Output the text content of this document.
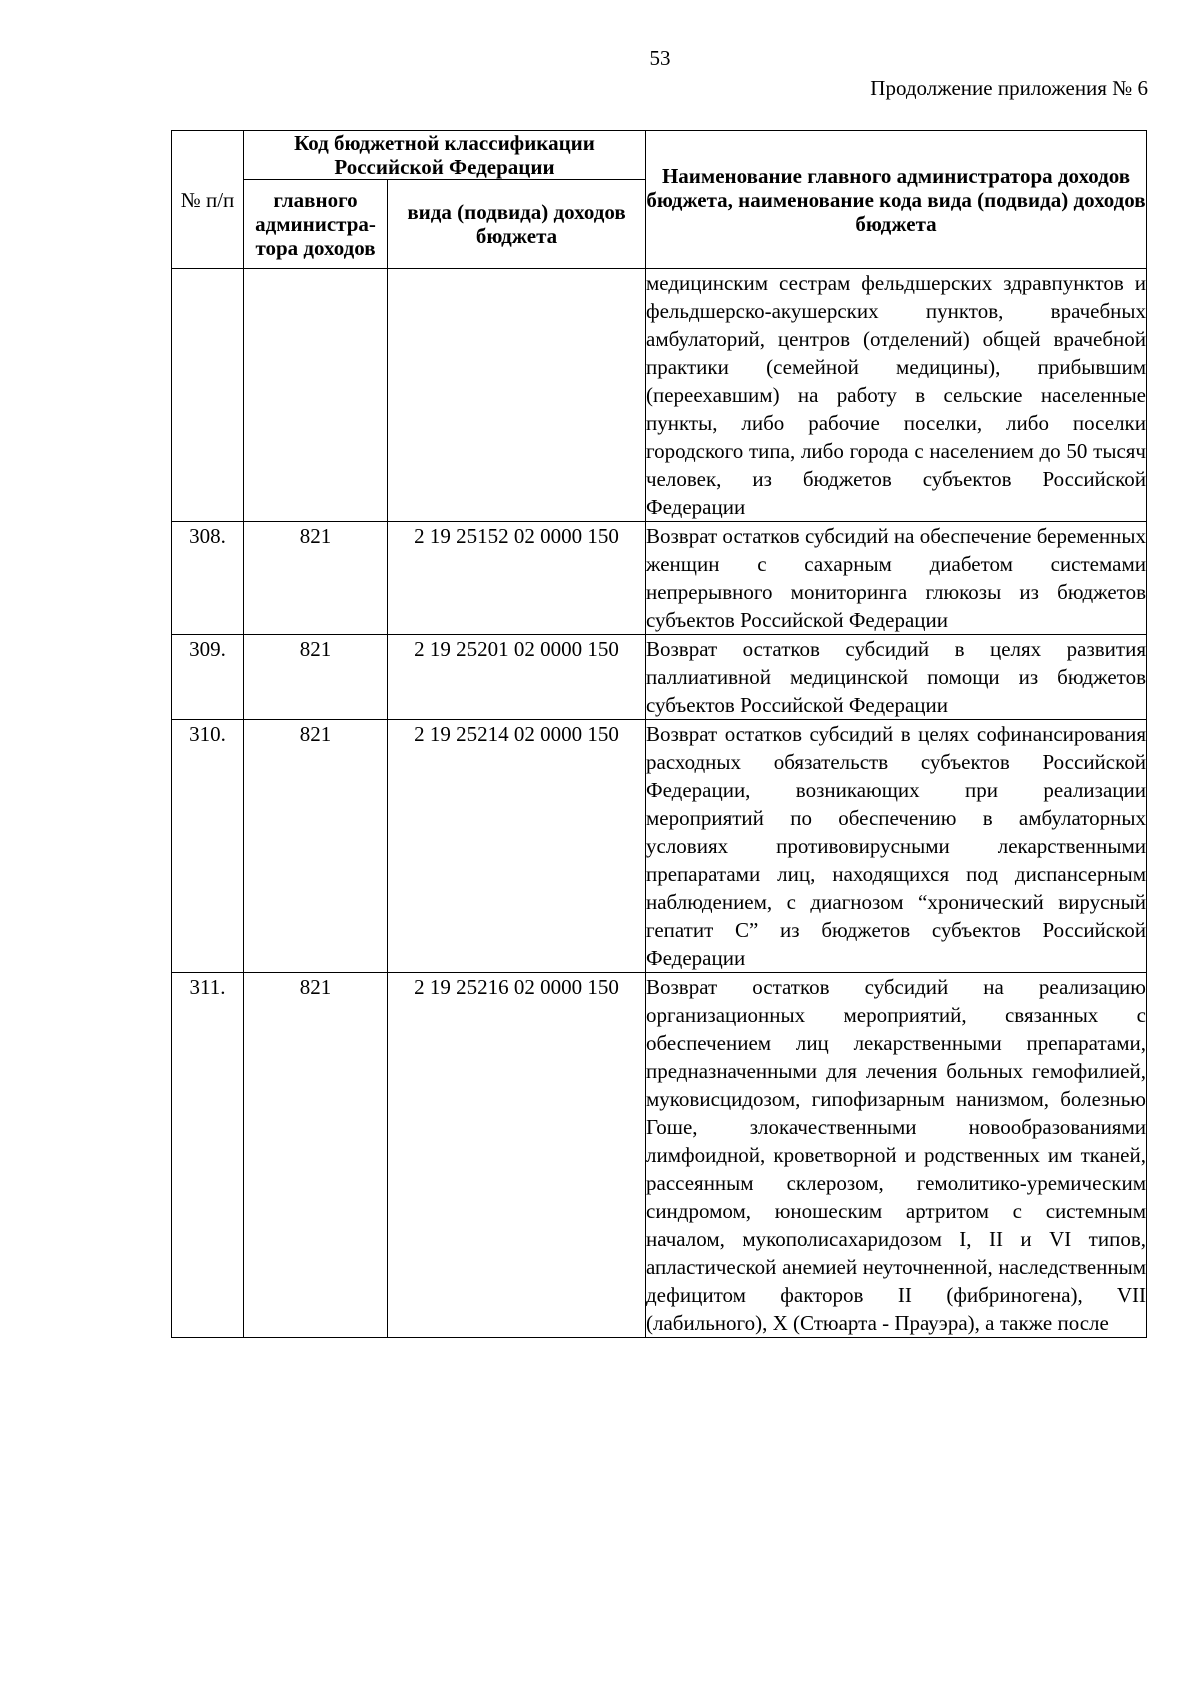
53
Продолжение приложения № 6
№ п/п	Код бюджетной классификации Российской Федерации		Наименование главного администратора доходов бюджета, наименование кода вида (подвида) доходов бюджета
	главного администра-тора доходов	вида (подвида) доходов бюджета	
			медицинским сестрам фельдшерских здравпунктов и фельдшерско-акушерских пунктов, врачебных амбулаторий, центров (отделений) общей врачебной практики (семейной медицины), прибывшим (переехавшим) на работу в сельские населенные пункты, либо рабочие поселки, либо поселки городского типа, либо города с населением до 50 тысяч человек, из бюджетов субъектов Российской Федерации
308.	821	2 19 25152 02 0000 150	Возврат остатков субсидий на обеспечение беременных женщин с сахарным диабетом системами непрерывного мониторинга глюкозы из бюджетов субъектов Российской Федерации
309.	821	2 19 25201 02 0000 150	Возврат остатков субсидий в целях развития паллиативной медицинской помощи из бюджетов субъектов Российской Федерации
310.	821	2 19 25214 02 0000 150	Возврат остатков субсидий в целях софинансирования расходных обязательств субъектов Российской Федерации, возникающих при реализации мероприятий по обеспечению в амбулаторных условиях противовирусными лекарственными препаратами лиц, находящихся под диспансерным наблюдением, с диагнозом “хронический вирусный гепатит С” из бюджетов субъектов Российской Федерации
311.	821	2 19 25216 02 0000 150	Возврат остатков субсидий на реализацию организационных мероприятий, связанных с обеспечением лиц лекарственными препаратами, предназначенными для лечения больных гемофилией, муковисцидозом, гипофизарным нанизмом, болезнью Гоше, злокачественными новообразованиями лимфоидной, кроветворной и родственных им тканей, рассеянным склерозом, гемолитико-уремическим синдромом, юношеским артритом с системным началом, мукополисахаридозом I, II и VI типов, апластической анемией неуточненной, наследственным дефицитом факторов II (фибриногена), VII (лабильного), X (Стюарта - Прауэра), а также после
